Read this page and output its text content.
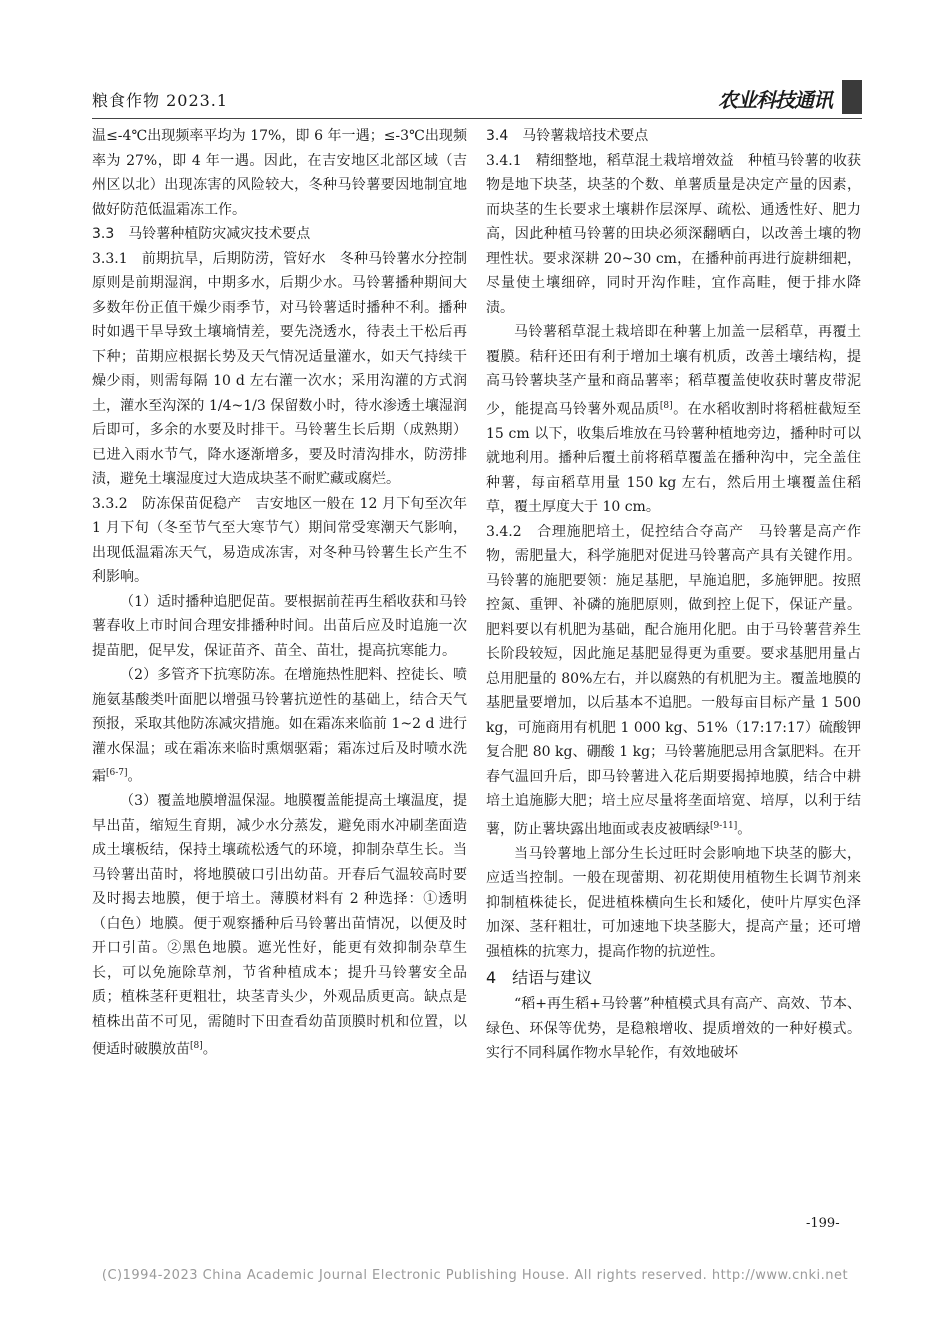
粮食作物 2023.1	农业科技通讯

温≤-4℃出现频率平均为 17%，即 6 年一遇；≤-3℃出现频率为 27%，即 4 年一遇。因此，在吉安地区北部区域（吉州区以北）出现冻害的风险较大，冬种马铃薯要因地制宜地做好防范低温霜冻工作。

3.3　马铃薯种植防灾减灾技术要点

3.3.1　前期抗旱，后期防涝，管好水　冬种马铃薯水分控制原则是前期湿润，中期多水，后期少水。马铃薯播种期间大多数年份正值干燥少雨季节，对马铃薯适时播种不利。播种时如遇干旱导致土壤墒情差，要先浇透水，待表土干松后再下种；苗期应根据长势及天气情况适量灌水，如天气持续干燥少雨，则需每隔 10 d 左右灌一次水；采用沟灌的方式润土，灌水至沟深的 1/4~1/3 保留数小时，待水渗透土壤湿润后即可，多余的水要及时排干。马铃薯生长后期（成熟期）已进入雨水节气，降水逐渐增多，要及时清沟排水，防涝排渍，避免土壤湿度过大造成块茎不耐贮藏或腐烂。

3.3.2　防冻保苗促稳产　吉安地区一般在 12 月下旬至次年 1 月下旬（冬至节气至大寒节气）期间常受寒潮天气影响，出现低温霜冻天气，易造成冻害，对冬种马铃薯生长产生不利影响。

（1）适时播种追肥促苗。要根据前茬再生稻收获和马铃薯春收上市时间合理安排播种时间。出苗后应及时追施一次提苗肥，促早发，保证苗齐、苗全、苗壮，提高抗寒能力。

（2）多管齐下抗寒防冻。在增施热性肥料、控徒长、喷施氨基酸类叶面肥以增强马铃薯抗逆性的基础上，结合天气预报，采取其他防冻减灾措施。如在霜冻来临前 1~2 d 进行灌水保温；或在霜冻来临时熏烟驱霜；霜冻过后及时喷水洗霜[6-7]。

（3）覆盖地膜增温保湿。地膜覆盖能提高土壤温度，提早出苗，缩短生育期，减少水分蒸发，避免雨水冲刷垄面造成土壤板结，保持土壤疏松透气的环境，抑制杂草生长。当马铃薯出苗时，将地膜破口引出幼苗。开春后气温较高时要及时揭去地膜，便于培土。薄膜材料有 2 种选择：①透明（白色）地膜。便于观察播种后马铃薯出苗情况，以便及时开口引苗。②黑色地膜。遮光性好，能更有效抑制杂草生长，可以免施除草剂，节省种植成本；提升马铃薯安全品质；植株茎秆更粗壮，块茎青头少，外观品质更高。缺点是植株出苗不可见，需随时下田查看幼苗顶膜时机和位置，以便适时破膜放苗[8]。

3.4　马铃薯栽培技术要点

3.4.1　精细整地，稻草混土栽培增效益　种植马铃薯的收获物是地下块茎，块茎的个数、单薯质量是决定产量的因素，而块茎的生长要求土壤耕作层深厚、疏松、通透性好、肥力高，因此种植马铃薯的田块必须深翻晒白，以改善土壤的物理性状。要求深耕 20~30 cm，在播种前再进行旋耕细耙，尽量使土壤细碎，同时开沟作畦，宜作高畦，便于排水降渍。

马铃薯稻草混土栽培即在种薯上加盖一层稻草，再覆土覆膜。秸秆还田有利于增加土壤有机质，改善土壤结构，提高马铃薯块茎产量和商品薯率；稻草覆盖使收获时薯皮带泥少，能提高马铃薯外观品质[8]。在水稻收割时将稻桩截短至 15 cm 以下，收集后堆放在马铃薯种植地旁边，播种时可以就地利用。播种后覆土前将稻草覆盖在播种沟中，完全盖住种薯，每亩稻草用量 150 kg 左右，然后用土壤覆盖住稻草，覆土厚度大于 10 cm。

3.4.2　合理施肥培土，促控结合夺高产　马铃薯是高产作物，需肥量大，科学施肥对促进马铃薯高产具有关键作用。马铃薯的施肥要领：施足基肥，早施追肥，多施钾肥。按照控氮、重钾、补磷的施肥原则，做到控上促下，保证产量。肥料要以有机肥为基础，配合施用化肥。由于马铃薯营养生长阶段较短，因此施足基肥显得更为重要。要求基肥用量占总用肥量的 80%左右，并以腐熟的有机肥为主。覆盖地膜的基肥量要增加，以后基本不追肥。一般每亩目标产量 1 500 kg，可施商用有机肥 1 000 kg、51%（17:17:17）硫酸钾复合肥 80 kg、硼酸 1 kg；马铃薯施肥忌用含氯肥料。在开春气温回升后，即马铃薯进入花后期要揭掉地膜，结合中耕培土追施膨大肥；培土应尽量将垄面培宽、培厚，以利于结薯，防止薯块露出地面或表皮被晒绿[9-11]。

当马铃薯地上部分生长过旺时会影响地下块茎的膨大，应适当控制。一般在现蕾期、初花期使用植物生长调节剂来抑制植株徒长，促进植株横向生长和矮化，使叶片厚实色泽加深、茎秆粗壮，可加速地下块茎膨大，提高产量；还可增强植株的抗寒力，提高作物的抗逆性。

4　结语与建议

“稻+再生稻+马铃薯”种植模式具有高产、高效、节本、绿色、环保等优势，是稳粮增收、提质增效的一种好模式。实行不同科属作物水旱轮作，有效地破坏

-199-
(C)1994-2023 China Academic Journal Electronic Publishing House. All rights reserved. http://www.cnki.net
